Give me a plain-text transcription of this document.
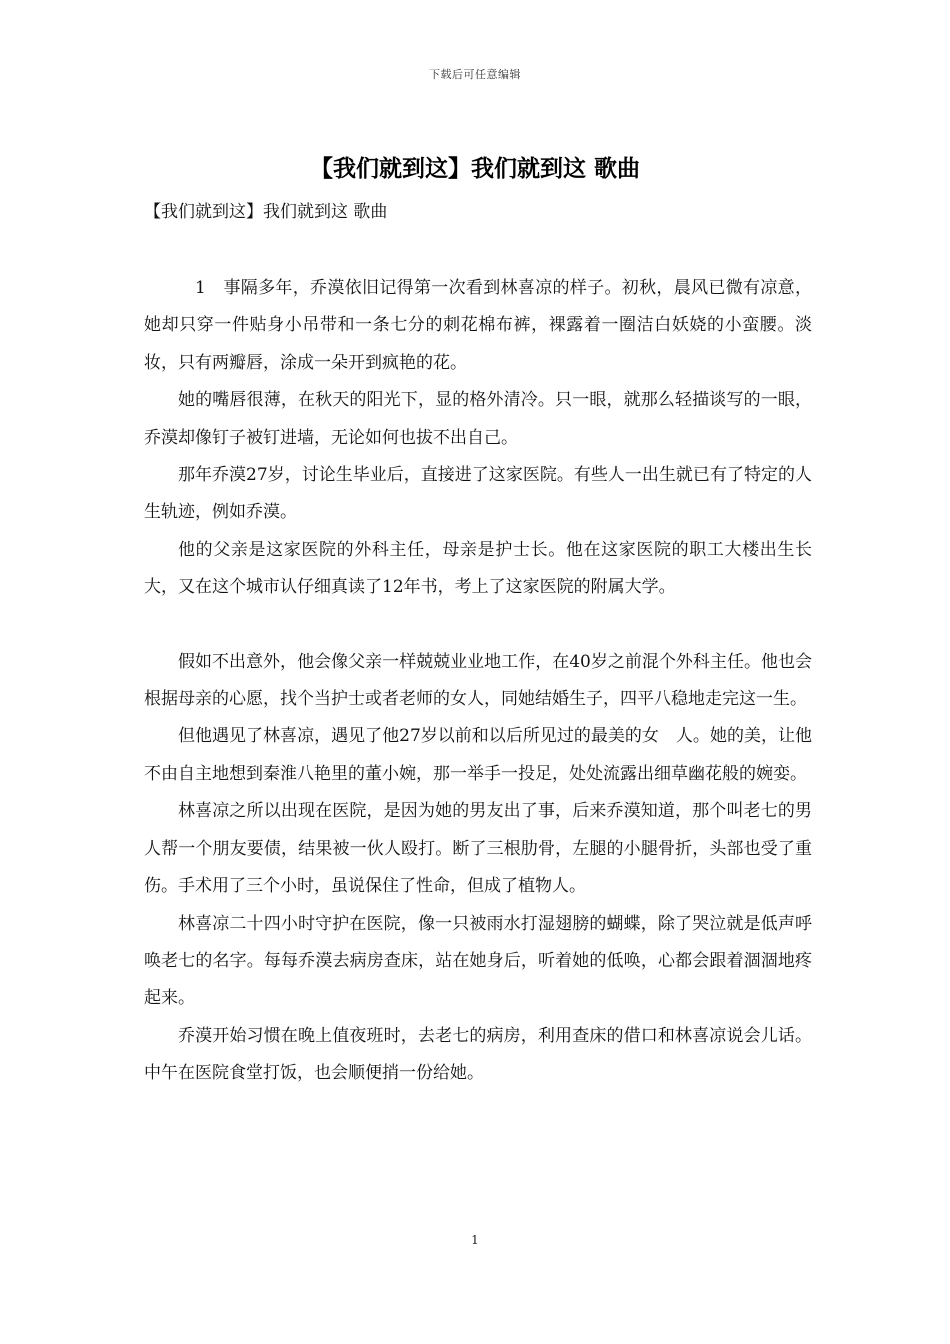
下载后可任意编辑
【我们就到这】我们就到这 歌曲

【我们就到这】我们就到这 歌曲

1　事隔多年，乔漠依旧记得第一次看到林喜凉的样子。初秋，晨风已微有凉意，她却只穿一件贴身小吊带和一条七分的刺花棉布裤，裸露着一圈洁白妖娆的小蛮腰。淡妆，只有两瓣唇，涂成一朵开到疯艳的花。

她的嘴唇很薄，在秋天的阳光下，显的格外清冷。只一眼，就那么轻描谈写的一眼，乔漠却像钉子被钉进墙，无论如何也拔不出自己。

那年乔漠27岁，讨论生毕业后，直接进了这家医院。有些人一出生就已有了特定的人生轨迹，例如乔漠。

他的父亲是这家医院的外科主任，母亲是护士长。他在这家医院的职工大楼出生长大，又在这个城市认仔细真读了12年书，考上了这家医院的附属大学。

假如不出意外，他会像父亲一样兢兢业业地工作，在40岁之前混个外科主任。他也会根据母亲的心愿，找个当护士或者老师的女人，同她结婚生子，四平八稳地走完这一生。

但他遇见了林喜凉，遇见了他27岁以前和以后所见过的最美的女　人。她的美，让他不由自主地想到秦淮八艳里的董小婉，那一举手一投足，处处流露出细草幽花般的婉娈。

林喜凉之所以出现在医院，是因为她的男友出了事，后来乔漠知道，那个叫老七的男人帮一个朋友要债，结果被一伙人殴打。断了三根肋骨，左腿的小腿骨折，头部也受了重伤。手术用了三个小时，虽说保住了性命，但成了植物人。

林喜凉二十四小时守护在医院，像一只被雨水打湿翅膀的蝴蝶，除了哭泣就是低声呼唤老七的名字。每每乔漠去病房查床，站在她身后，听着她的低唤，心都会跟着涸涸地疼起来。

乔漠开始习惯在晚上值夜班时，去老七的病房，利用查床的借口和林喜凉说会儿话。中午在医院食堂打饭，也会顺便捎一份给她。

1
